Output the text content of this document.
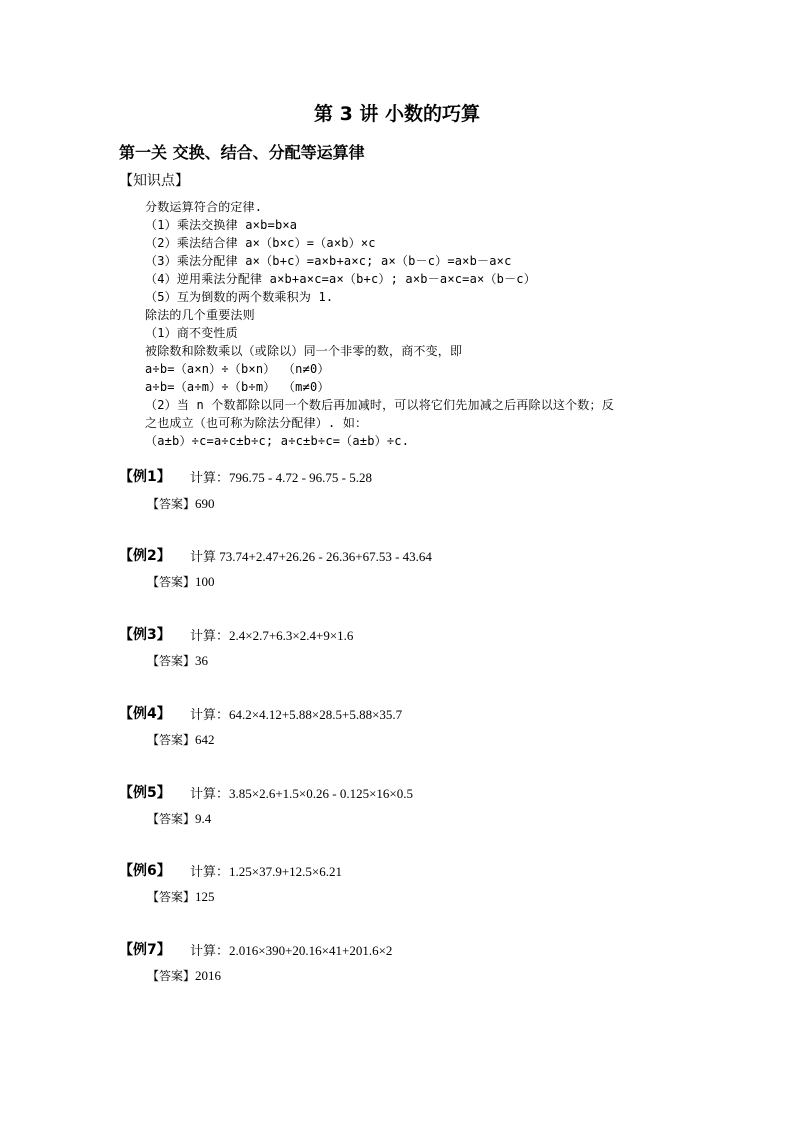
第 3 讲 小数的巧算
第一关 交换、结合、分配等运算律
【知识点】
分数运算符合的定律.
（1）乘法交换律 a×b=b×a
（2）乘法结合律 a×（b×c）=（a×b）×c
（3）乘法分配律 a×（b+c）=a×b+a×c; a×（b－c）=a×b－a×c
（4）逆用乘法分配律 a×b+a×c=a×（b+c）; a×b－a×c=a×（b－c）
（5）互为倒数的两个数乘积为 1.
除法的几个重要法则
（1）商不变性质
被除数和除数乘以（或除以）同一个非零的数，商不变，即
a÷b=（a×n）÷（b×n） （n≠0）
a÷b=（a÷m）÷（b÷m） （m≠0）
（2）当 n 个数都除以同一个数后再加减时，可以将它们先加减之后再除以这个数；反
之也成立（也可称为除法分配律）. 如：
（a±b）÷c=a÷c±b÷c; a÷c±b÷c=（a±b）÷c.
【例1】 计算：796.75 - 4.72 - 96.75 - 5.28
【答案】690
【例2】 计算 73.74+2.47+26.26 - 26.36+67.53 - 43.64
【答案】100
【例3】 计算：2.4×2.7+6.3×2.4+9×1.6
【答案】36
【例4】 计算：64.2×4.12+5.88×28.5+5.88×35.7
【答案】642
【例5】 计算：3.85×2.6+1.5×0.26 - 0.125×16×0.5
【答案】9.4
【例6】 计算：1.25×37.9+12.5×6.21
【答案】125
【例7】 计算：2.016×390+20.16×41+201.6×2
【答案】2016
